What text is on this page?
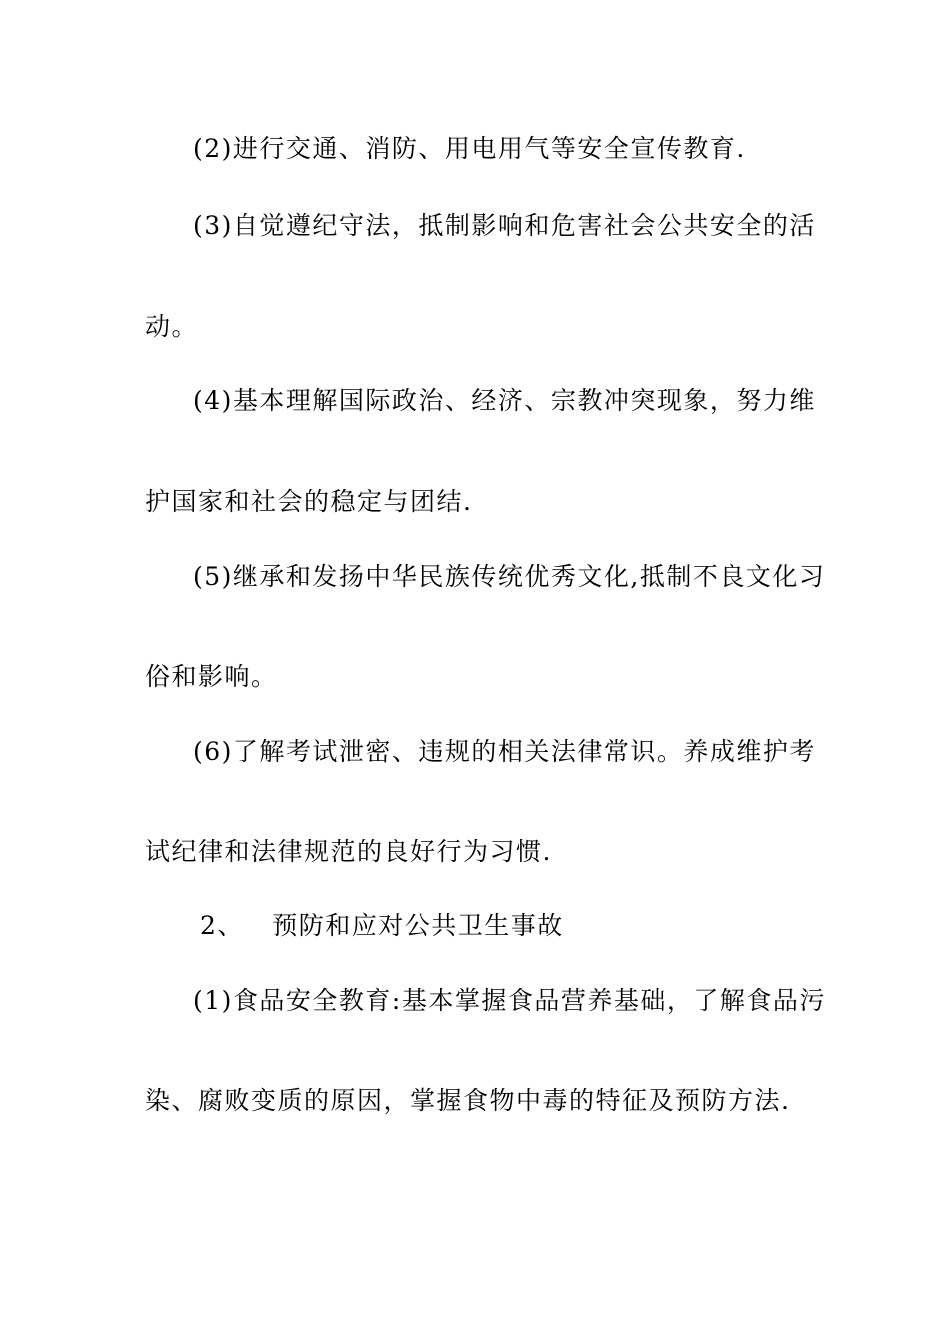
(2)进行交通、消防、用电用气等安全宣传教育.
(3)自觉遵纪守法，抵制影响和危害社会公共安全的活
动。
(4)基本理解国际政治、经济、宗教冲突现象，努力维
护国家和社会的稳定与团结.
(5)继承和发扬中华民族传统优秀文化,抵制不良文化习
俗和影响。
(6)了解考试泄密、违规的相关法律常识。养成维护考
试纪律和法律规范的良好行为习惯.
2、   预防和应对公共卫生事故
(1)食品安全教育:基本掌握食品营养基础，了解食品污
染、腐败变质的原因，掌握食物中毒的特征及预防方法.
